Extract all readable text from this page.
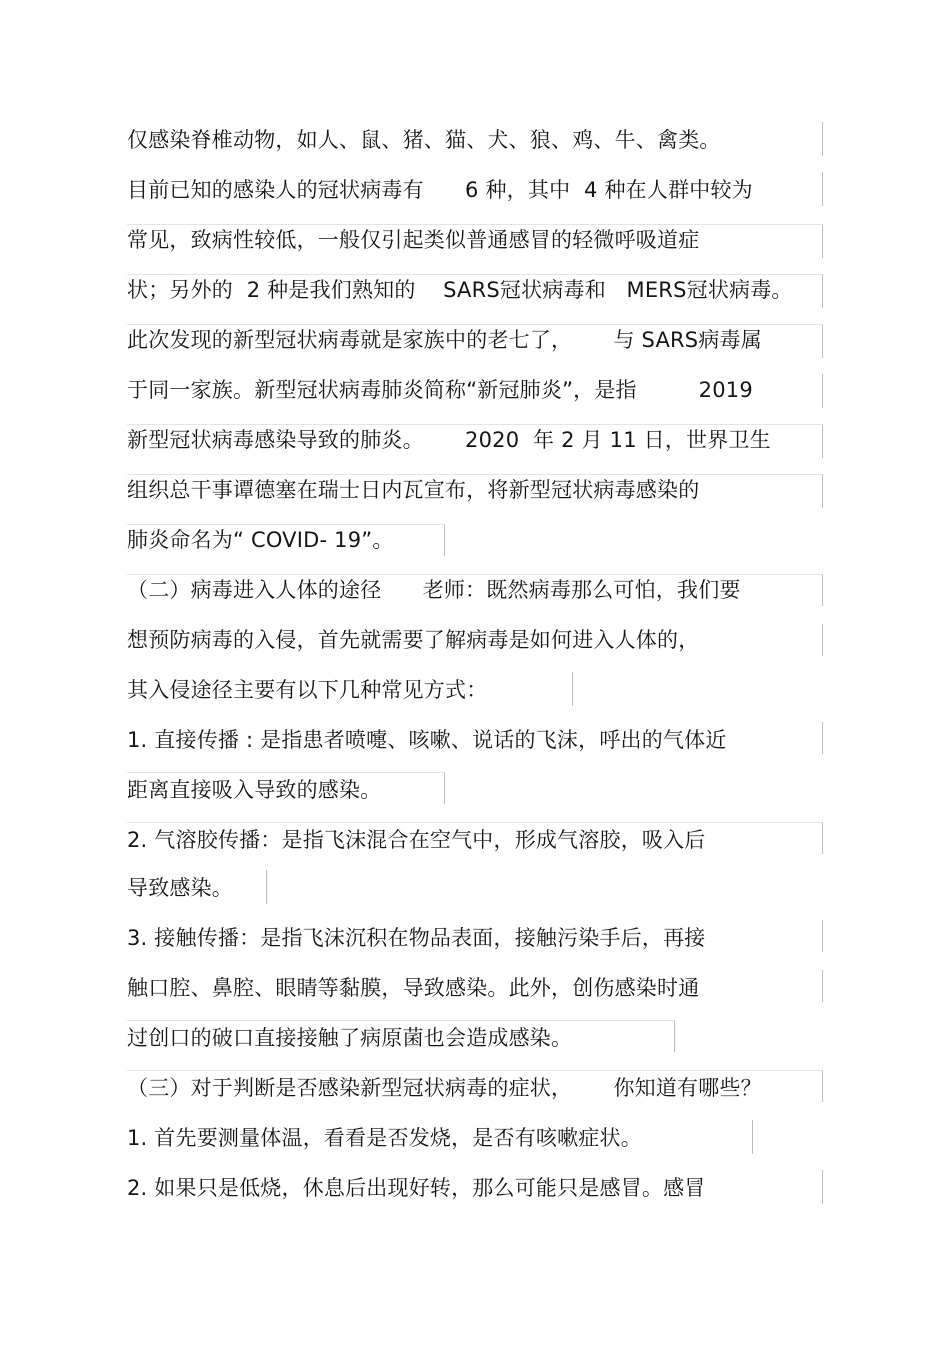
仅感染脊椎动物，如人、鼠、猪、猫、犬、狼、鸡、牛、禽类。
目前已知的感染人的冠状病毒有      6 种，其中  4 种在人群中较为
常见，致病性较低，一般仅引起类似普通感冒的轻微呼吸道症
状；另外的  2 种是我们熟知的    SARS冠状病毒和   MERS冠状病毒。
此次发现的新型冠状病毒就是家族中的老七了，      与 SARS病毒属
于同一家族。新型冠状病毒肺炎简称“新冠肺炎”，是指         2019
新型冠状病毒感染导致的肺炎。      2020  年 2 月 11 日，世界卫生
组织总干事谭德塞在瑞士日内瓦宣布，将新型冠状病毒感染的
肺炎命名为“ COVID- 19”。
（二）病毒进入人体的途径      老师：既然病毒那么可怕，我们要
想预防病毒的入侵，首先就需要了解病毒是如何进入人体的，
其入侵途径主要有以下几种常见方式：
1. 直接传播 : 是指患者喷嚏、咳嗽、说话的飞沫，呼出的气体近
距离直接吸入导致的感染。
2. 气溶胶传播：是指飞沫混合在空气中，形成气溶胶，吸入后
导致感染。
3. 接触传播：是指飞沫沉积在物品表面，接触污染手后，再接
触口腔、鼻腔、眼睛等黏膜，导致感染。此外，创伤感染时通
过创口的破口直接接触了病原菌也会造成感染。
（三）对于判断是否感染新型冠状病毒的症状，      你知道有哪些？
1. 首先要测量体温，看看是否发烧，是否有咳嗽症状。
2. 如果只是低烧，休息后出现好转，那么可能只是感冒。感冒
